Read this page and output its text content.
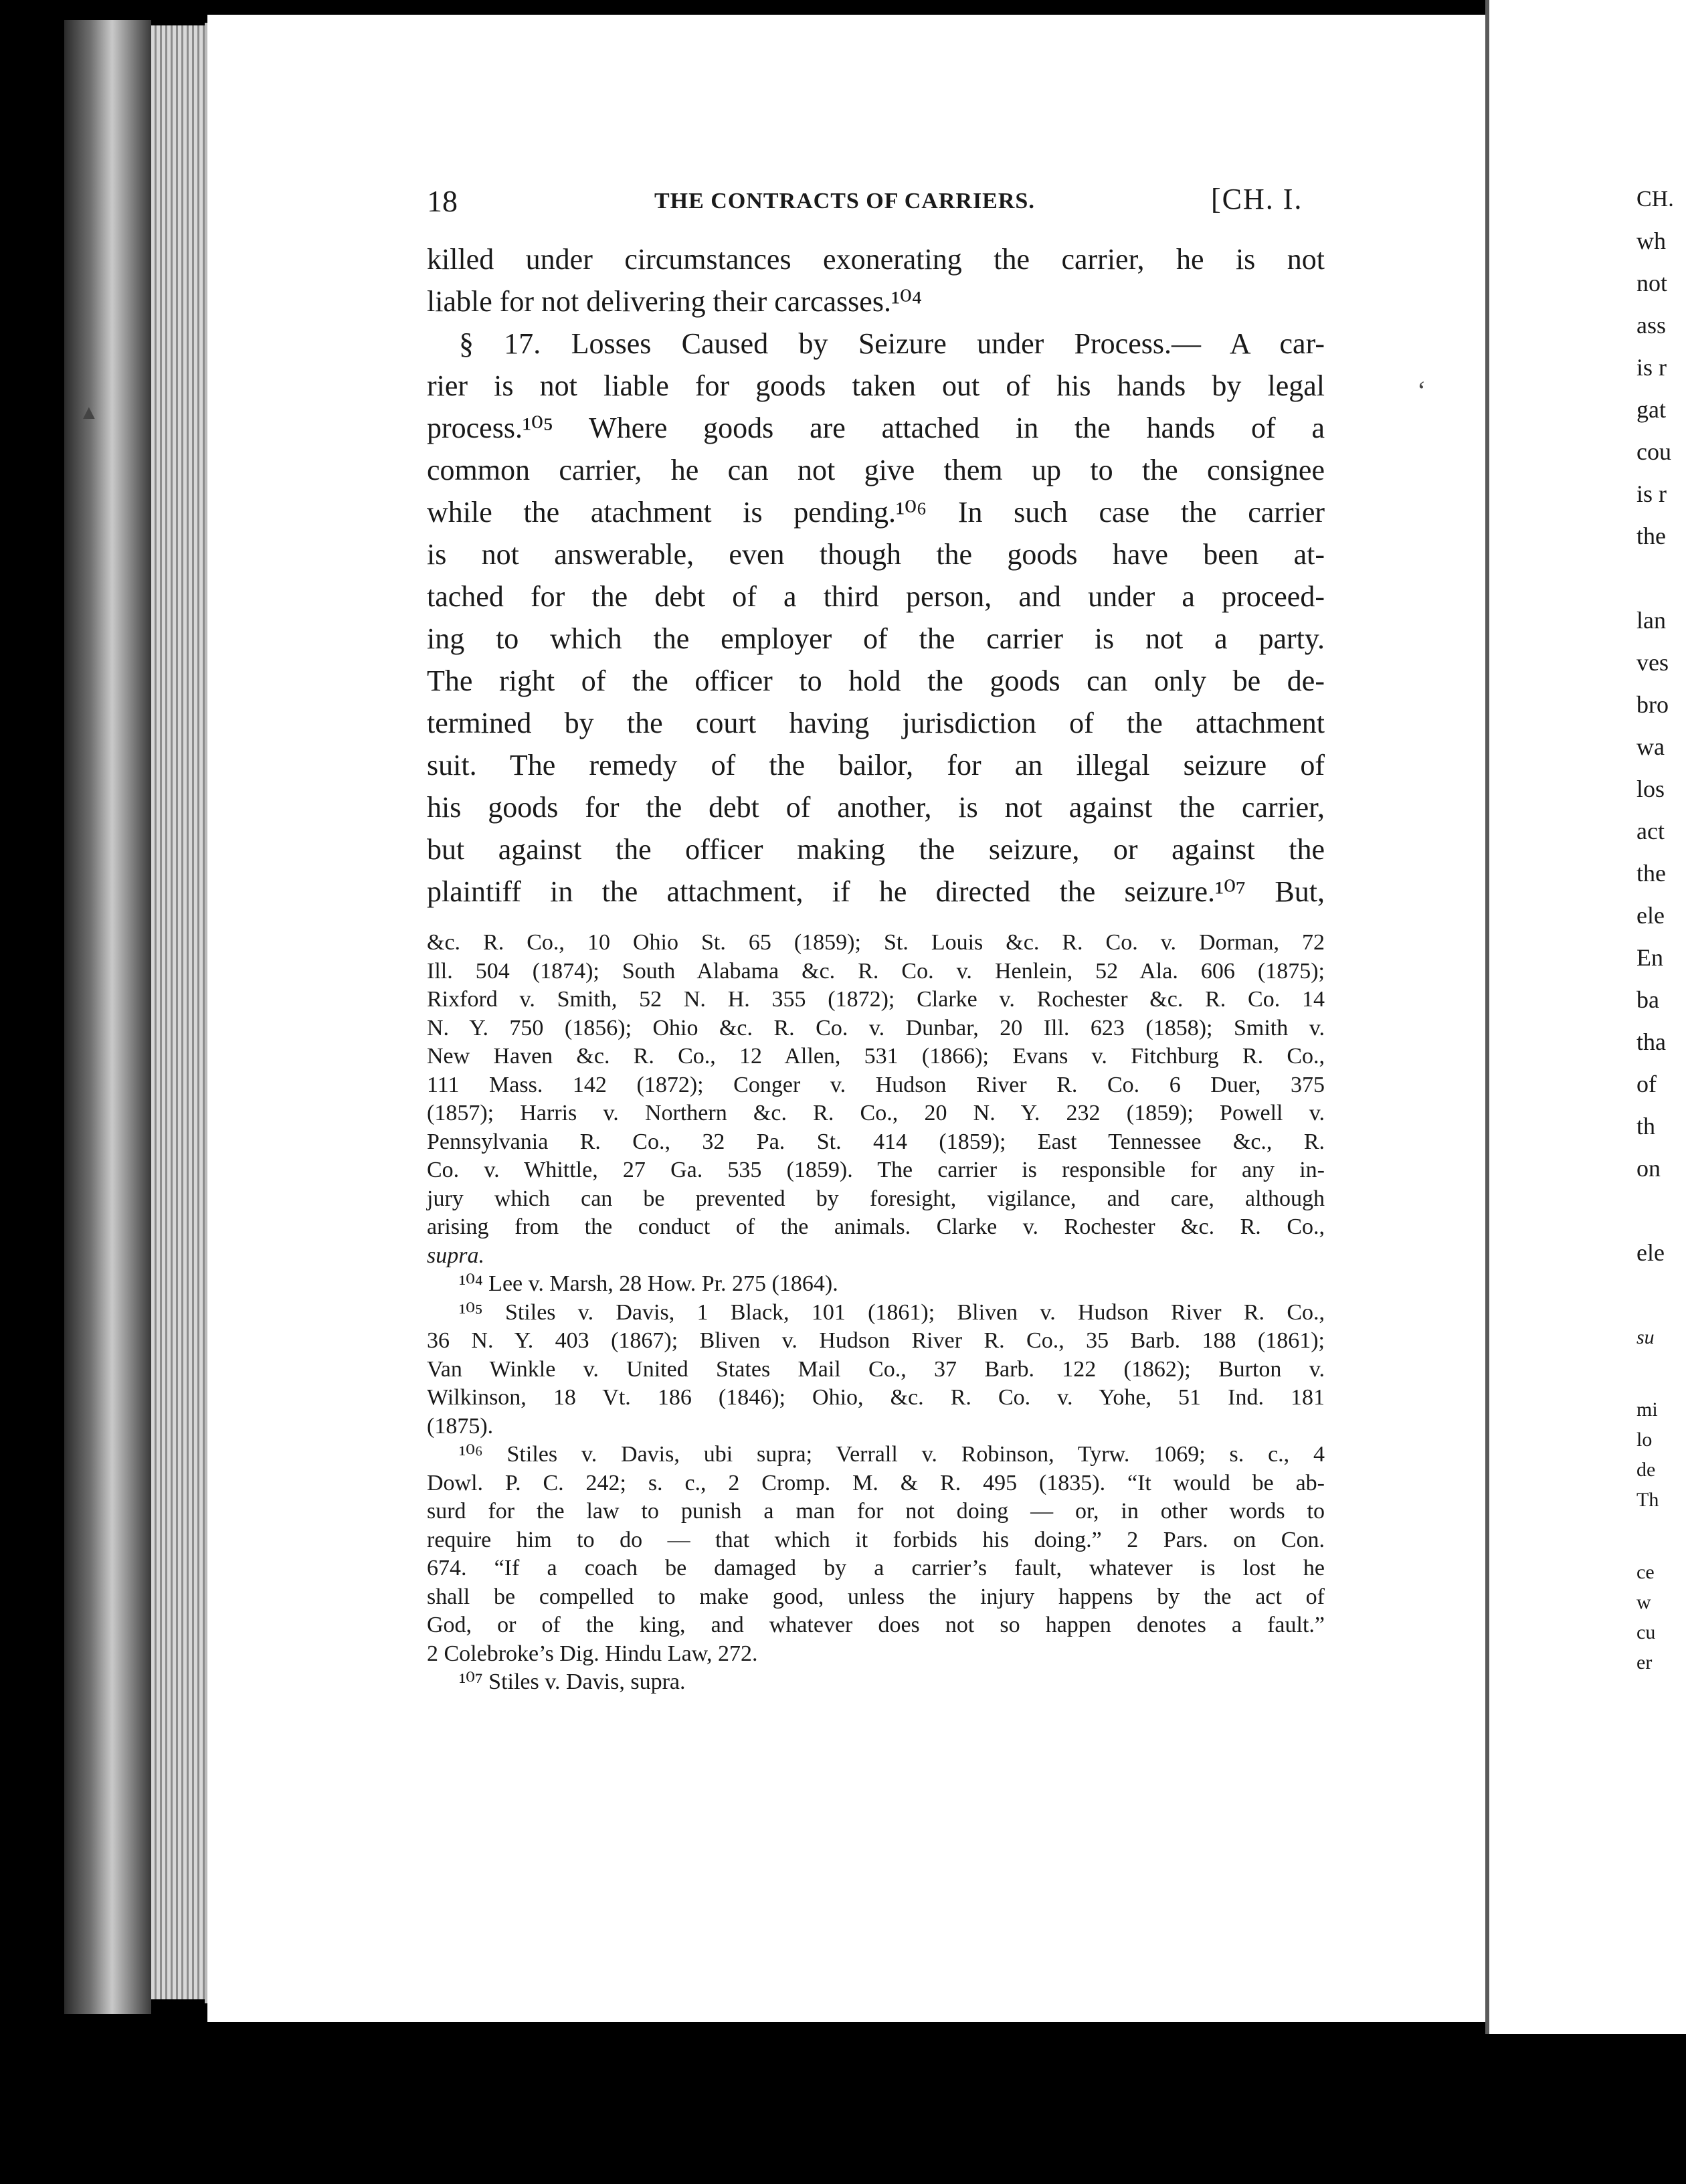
18	THE CONTRACTS OF CARRIERS.	[CH. I.
killed under circumstances exonerating the carrier, he is not
liable for not delivering their carcasses.¹⁰⁴
§ 17. Losses Caused by Seizure under Process.— A car-
rier is not liable for goods taken out of his hands by legal
process.¹⁰⁵ Where goods are attached in the hands of a
common carrier, he can not give them up to the consignee
while the atachment is pending.¹⁰⁶ In such case the carrier
is not answerable, even though the goods have been at-
tached for the debt of a third person, and under a proceed-
ing to which the employer of the carrier is not a party.
The right of the officer to hold the goods can only be de-
termined by the court having jurisdiction of the attachment
suit. The remedy of the bailor, for an illegal seizure of
his goods for the debt of another, is not against the carrier,
but against the officer making the seizure, or against the
plaintiff in the attachment, if he directed the seizure.¹⁰⁷ But,
&c. R. Co., 10 Ohio St. 65 (1859); St. Louis &c. R. Co. v. Dorman, 72
Ill. 504 (1874); South Alabama &c. R. Co. v. Henlein, 52 Ala. 606 (1875);
Rixford v. Smith, 52 N. H. 355 (1872); Clarke v. Rochester &c. R. Co. 14
N. Y. 750 (1856); Ohio &c. R. Co. v. Dunbar, 20 Ill. 623 (1858); Smith v.
New Haven &c. R. Co., 12 Allen, 531 (1866); Evans v. Fitchburg R. Co.,
111 Mass. 142 (1872); Conger v. Hudson River R. Co. 6 Duer, 375
(1857); Harris v. Northern &c. R. Co., 20 N. Y. 232 (1859); Powell v.
Pennsylvania R. Co., 32 Pa. St. 414 (1859); East Tennessee &c., R.
Co. v. Whittle, 27 Ga. 535 (1859). The carrier is responsible for any in-
jury which can be prevented by foresight, vigilance, and care, although
arising from the conduct of the animals. Clarke v. Rochester &c. R. Co.,
supra.
¹⁰⁴ Lee v. Marsh, 28 How. Pr. 275 (1864).
¹⁰⁵ Stiles v. Davis, 1 Black, 101 (1861); Bliven v. Hudson River R. Co.,
36 N. Y. 403 (1867); Bliven v. Hudson River R. Co., 35 Barb. 188 (1861);
Van Winkle v. United States Mail Co., 37 Barb. 122 (1862); Burton v.
Wilkinson, 18 Vt. 186 (1846); Ohio, &c. R. Co. v. Yohe, 51 Ind. 181
(1875).
¹⁰⁶ Stiles v. Davis, ubi supra; Verrall v. Robinson, Tyrw. 1069; s. c., 4
Dowl. P. C. 242; s. c., 2 Cromp. M. & R. 495 (1835). “It would be ab-
surd for the law to punish a man for not doing — or, in other words to
require him to do — that which it forbids his doing.” 2 Pars. on Con.
674. “If a coach be damaged by a carrier’s fault, whatever is lost he
shall be compelled to make good, unless the injury happens by the act of
God, or of the king, and whatever does not so happen denotes a fault.”
2 Colebroke’s Dig. Hindu Law, 272.
¹⁰⁷ Stiles v. Davis, supra.
CH.
wh
not
ass
is r
gat
cou
is r
the
lan
ves
bro
wa
los
act
the
ele
En
ba
tha
of
th
on
ele
su
mi
lo
de
Th
ce
w
cu
er
‘
▲
